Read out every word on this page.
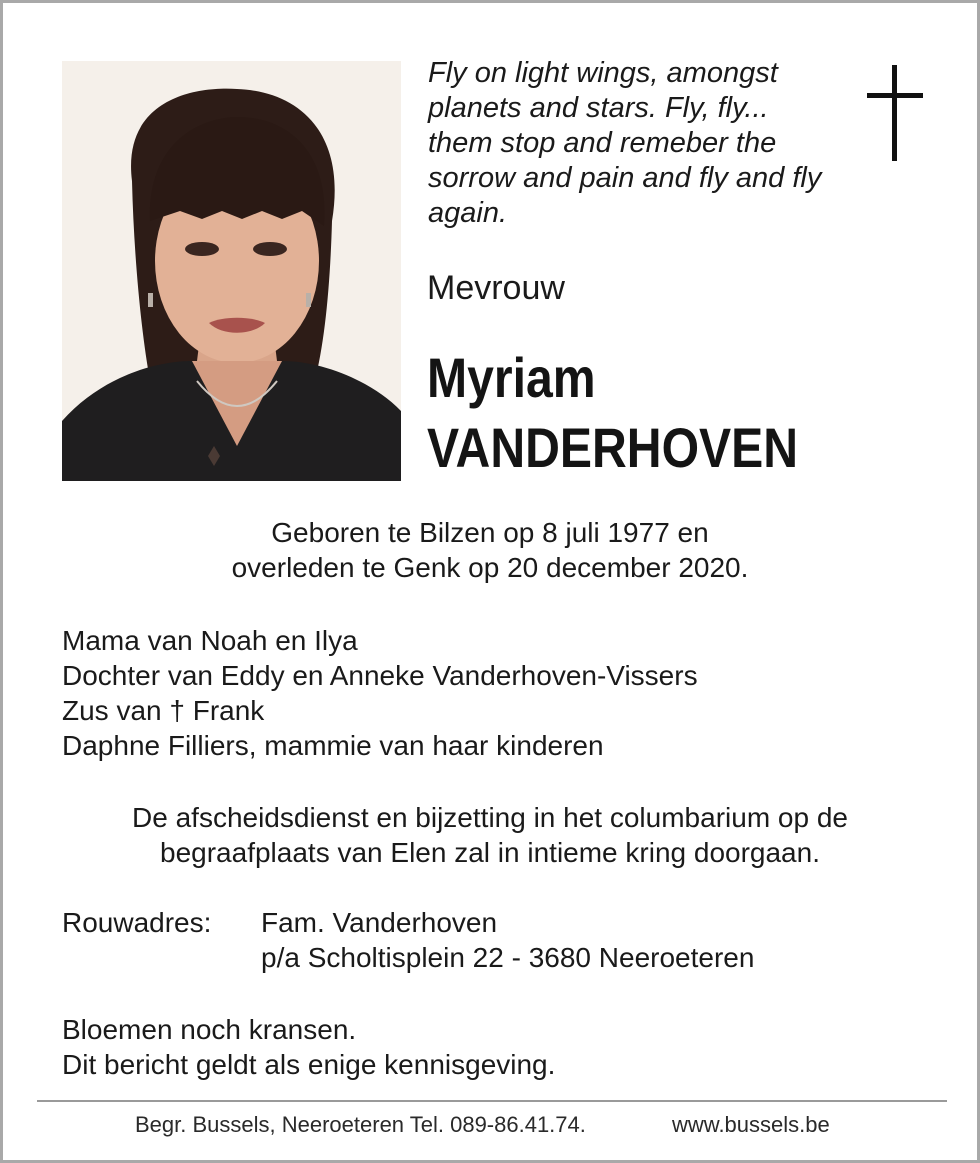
Fly on light wings, amongst
planets and stars. Fly, fly...
them stop and remeber the
sorrow and pain and fly and fly
again.
Mevrouw
Myriam
VANDERHOVEN
Geboren te Bilzen op 8 juli 1977 en
overleden te Genk op 20 december 2020.
Mama van Noah en Ilya
Dochter van Eddy en Anneke Vanderhoven-Vissers
Zus van † Frank
Daphne Filliers, mammie van haar kinderen
De afscheidsdienst en bijzetting in het columbarium op de
begraafplaats van Elen zal in intieme kring doorgaan.
Rouwadres: Fam. Vanderhoven
p/a Scholtisplein 22 - 3680 Neeroeteren
Bloemen noch kransen.
Dit bericht geldt als enige kennisgeving.
Begr. Bussels, Neeroeteren Tel. 089-86.41.74.	www.bussels.be
